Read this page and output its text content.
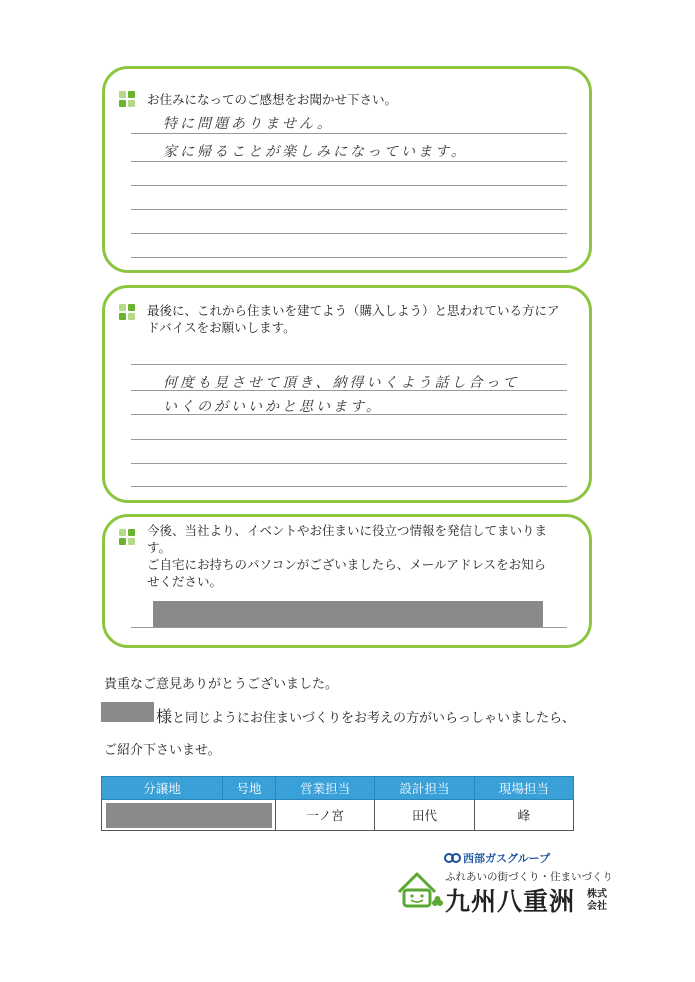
お住みになってのご感想をお聞かせ下さい。
特に問題ありません。
家に帰ることが楽しみになっています。
最後に、これから住まいを建てよう（購入しよう）と思われている方にアドバイスをお願いします。
何度も見させて頂き、納得いくよう話し合って
いくのがいいかと思います。
今後、当社より、イベントやお住まいに役立つ情報を発信してまいりま
す。
ご自宅にお持ちのパソコンがございましたら、メールアドレスをお知ら
せください。
貴重なご意見ありがとうございました。
様と同じようにお住まいづくりをお考えの方がいらっしゃいましたら、
ご紹介下さいませ。
分譲地	号地	営業担当	設計担当	現場担当

		一ノ宮	田代	峰
西部ガスグループ
ふれあいの街づくり・住まいづくり
九州八重洲 株式
会社
